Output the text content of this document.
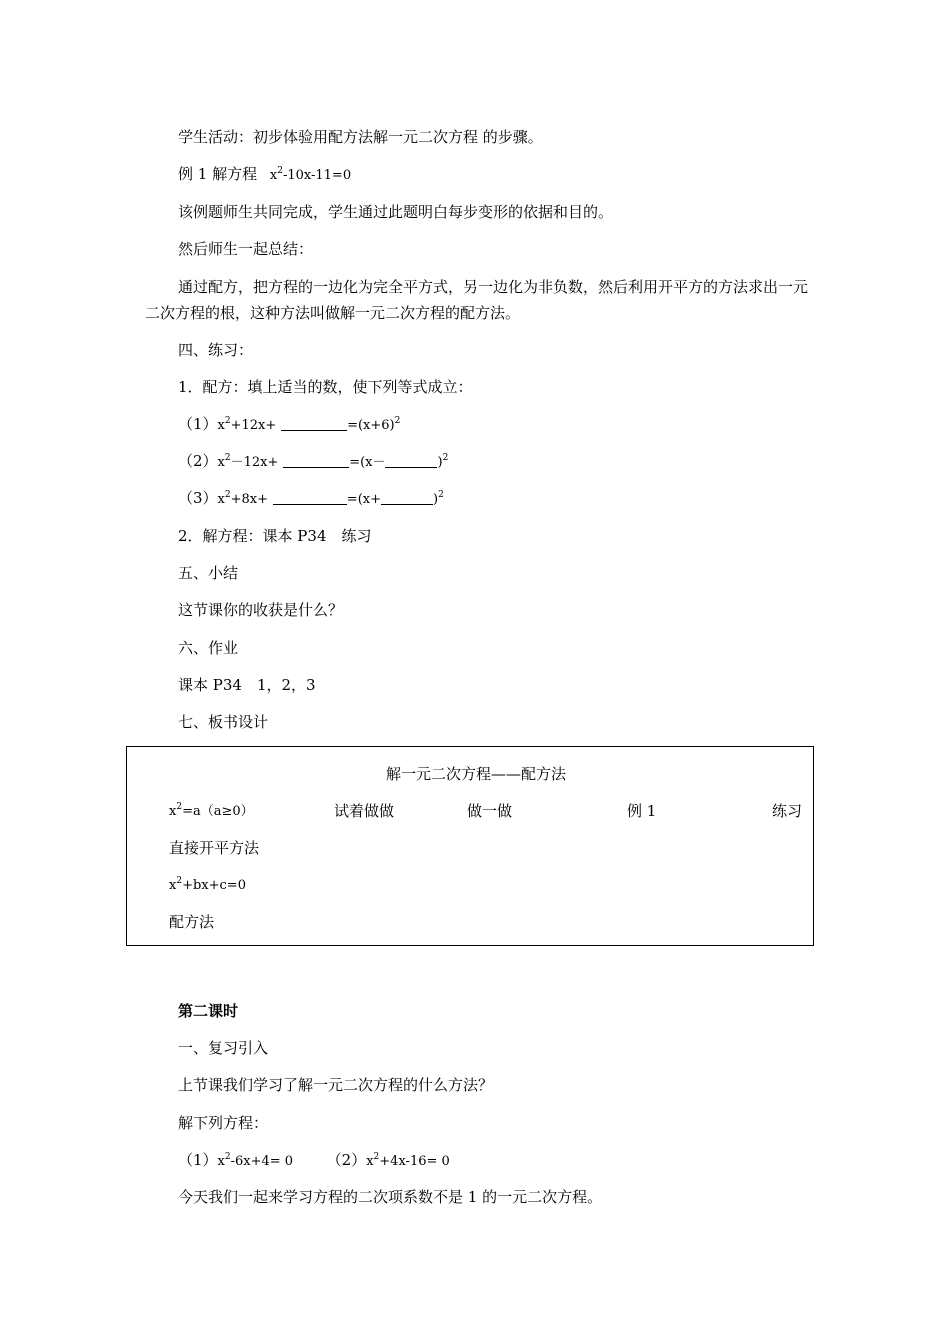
学生活动：初步体验用配方法解一元二次方程 的步骤。
例 1 解方程 $x^2-10x-11=0$
该例题师生共同完成，学生通过此题明白每步变形的依据和目的。
然后师生一起总结：
通过配方，把方程的一边化为完全平方式，另一边化为非负数，然后利用开平方的方法求出一元二次方程的根，这种方法叫做解一元二次方程的配方法。
四、练习：
1．配方：填上适当的数，使下列等式成立：
$(1)x^2+12x+$	$=(x+6)^2$
$(2)x^2-12x+$	=(x－	)$^2$
$(3)x^2+8x+$	=(x+	)$^2$
2．解方程：课本 P34　练习
五、小结
这节课你的收获是什么？
六、作业
课本 P34　1，2，3
七、板书设计
解一元二次方程——配方法
$x^2=a(a\ge 0)$	试着做做	做一做	例 1	练习
直接开平方法
$x^2+bx+c=0$
配方法
第二课时
一、复习引入
上节课我们学习了解一元二次方程的什么方法？
解下列方程：
$(1)x^2-6x+4= 0$ $(2)x^2+4x-16= 0$
今天我们一起来学习方程的二次项系数不是 1 的一元二次方程。
